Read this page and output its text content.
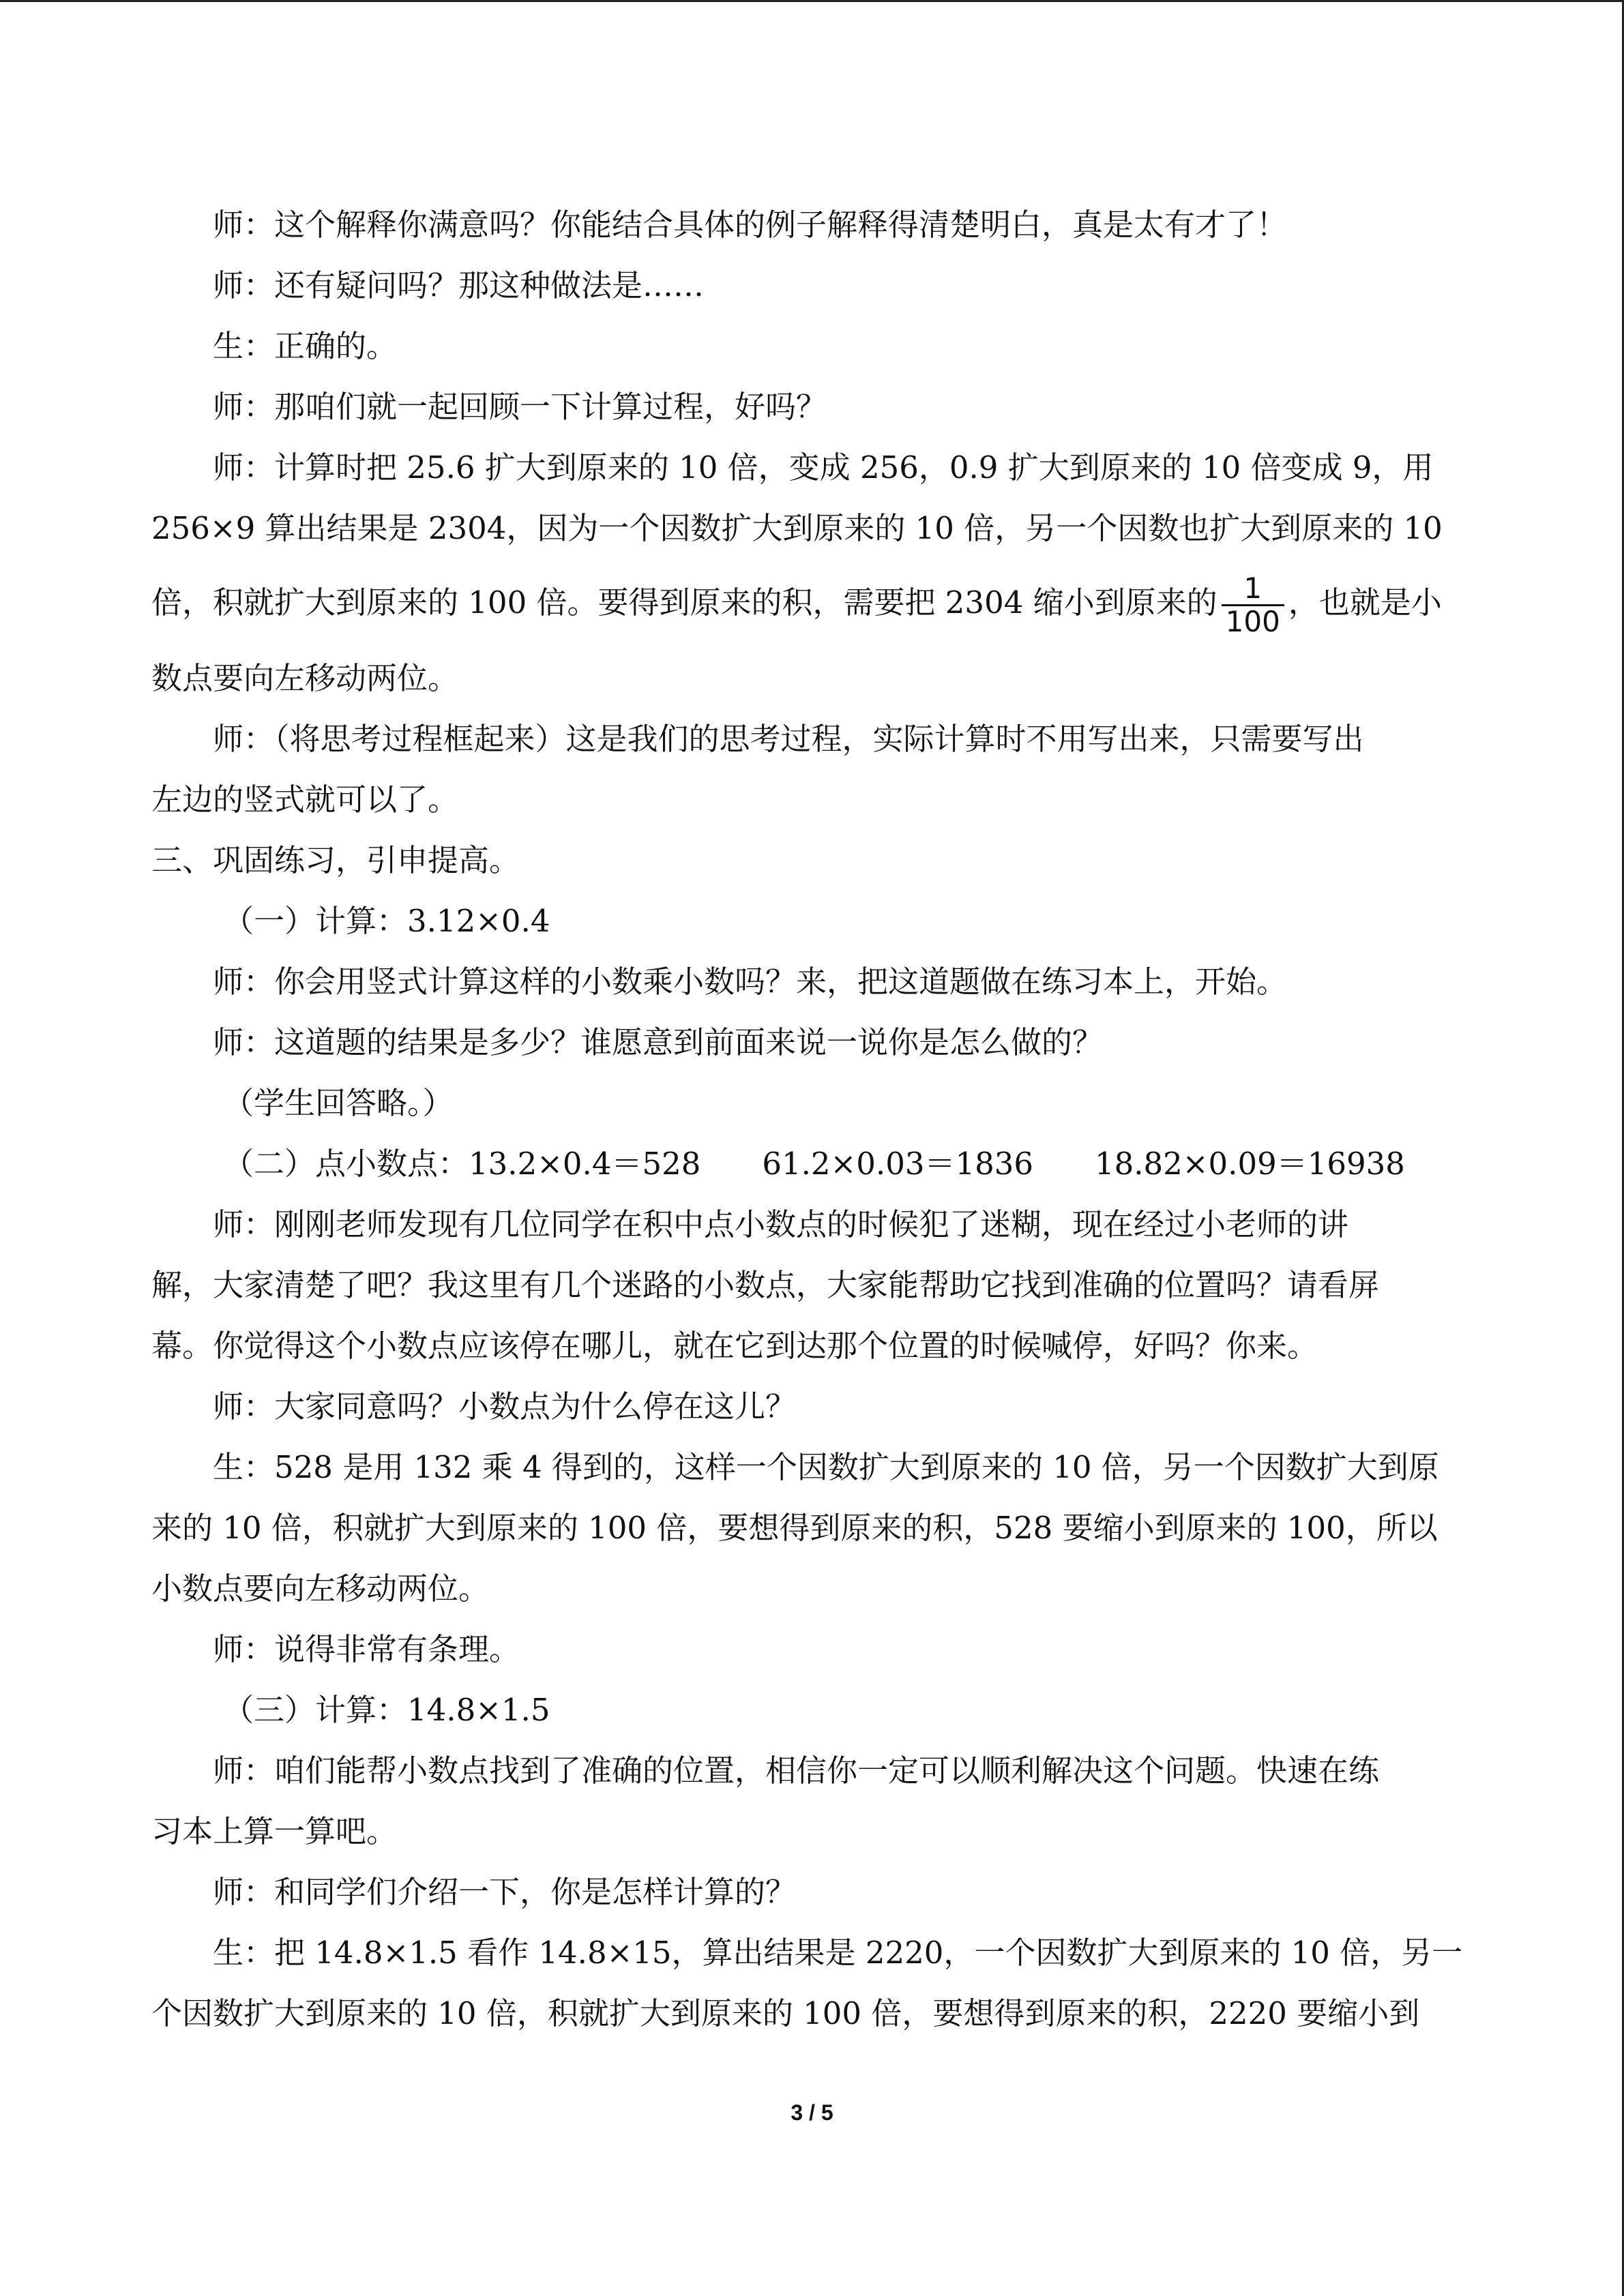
师：这个解释你满意吗？你能结合具体的例子解释得清楚明白，真是太有才了！
师：还有疑问吗？那这种做法是……
生：正确的。
师：那咱们就一起回顾一下计算过程，好吗？
师：计算时把 25.6 扩大到原来的 10 倍，变成 256，0.9 扩大到原来的 10 倍变成 9，用
256×9 算出结果是 2304，因为一个因数扩大到原来的 10 倍，另一个因数也扩大到原来的 10
倍，积就扩大到原来的 100 倍。要得到原来的积，需要把 2304 缩小到原来的 $\frac{1}{100}$ ，也就是小
数点要向左移动两位。
师：（将思考过程框起来）这是我们的思考过程，实际计算时不用写出来，只需要写出
左边的竖式就可以了。
三、巩固练习，引申提高。
（一）计算：3.12×0.4
师：你会用竖式计算这样的小数乘小数吗？来，把这道题做在练习本上，开始。
师：这道题的结果是多少？谁愿意到前面来说一说你是怎么做的？
（学生回答略。）
（二）点小数点：13.2×0.4＝528　　61.2×0.03＝1836　　18.82×0.09＝16938
师：刚刚老师发现有几位同学在积中点小数点的时候犯了迷糊，现在经过小老师的讲
解，大家清楚了吧？我这里有几个迷路的小数点，大家能帮助它找到准确的位置吗？请看屏
幕。你觉得这个小数点应该停在哪儿，就在它到达那个位置的时候喊停，好吗？你来。
师：大家同意吗？小数点为什么停在这儿？
生：528 是用 132 乘 4 得到的，这样一个因数扩大到原来的 10 倍，另一个因数扩大到原
来的 10 倍，积就扩大到原来的 100 倍，要想得到原来的积，528 要缩小到原来的 100，所以
小数点要向左移动两位。
师：说得非常有条理。
（三）计算：14.8×1.5
师：咱们能帮小数点找到了准确的位置，相信你一定可以顺利解决这个问题。快速在练
习本上算一算吧。
师：和同学们介绍一下，你是怎样计算的？
生：把 14.8×1.5 看作 14.8×15，算出结果是 2220，一个因数扩大到原来的 10 倍，另一
个因数扩大到原来的 10 倍，积就扩大到原来的 100 倍，要想得到原来的积，2220 要缩小到
3 / 5
